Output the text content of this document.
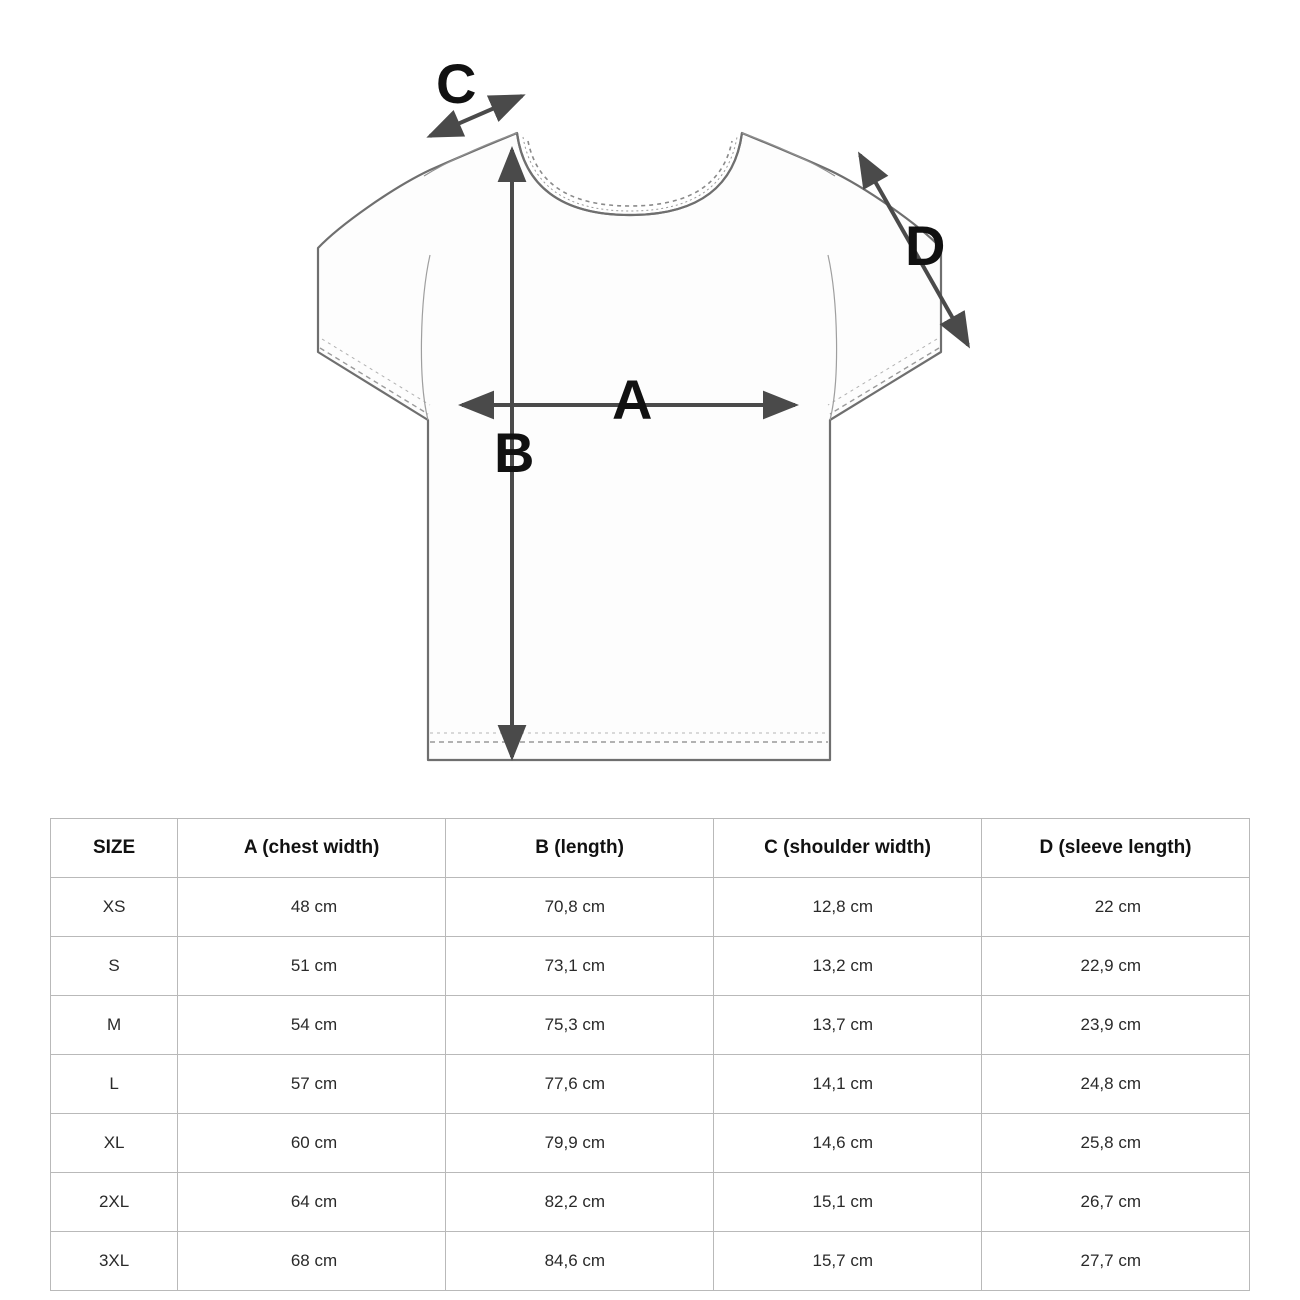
C
D
A
B
SIZE	A (chest width)	B (length)	C (shoulder width)	D (sleeve length)
XS	48 cm	70,8 cm	12,8 cm	22 cm
S	51 cm	73,1 cm	13,2 cm	22,9 cm
M	54 cm	75,3 cm	13,7 cm	23,9 cm
L	57 cm	77,6 cm	14,1 cm	24,8 cm
XL	60 cm	79,9 cm	14,6 cm	25,8 cm
2XL	64 cm	82,2 cm	15,1 cm	26,7 cm
3XL	68 cm	84,6 cm	15,7 cm	27,7 cm
